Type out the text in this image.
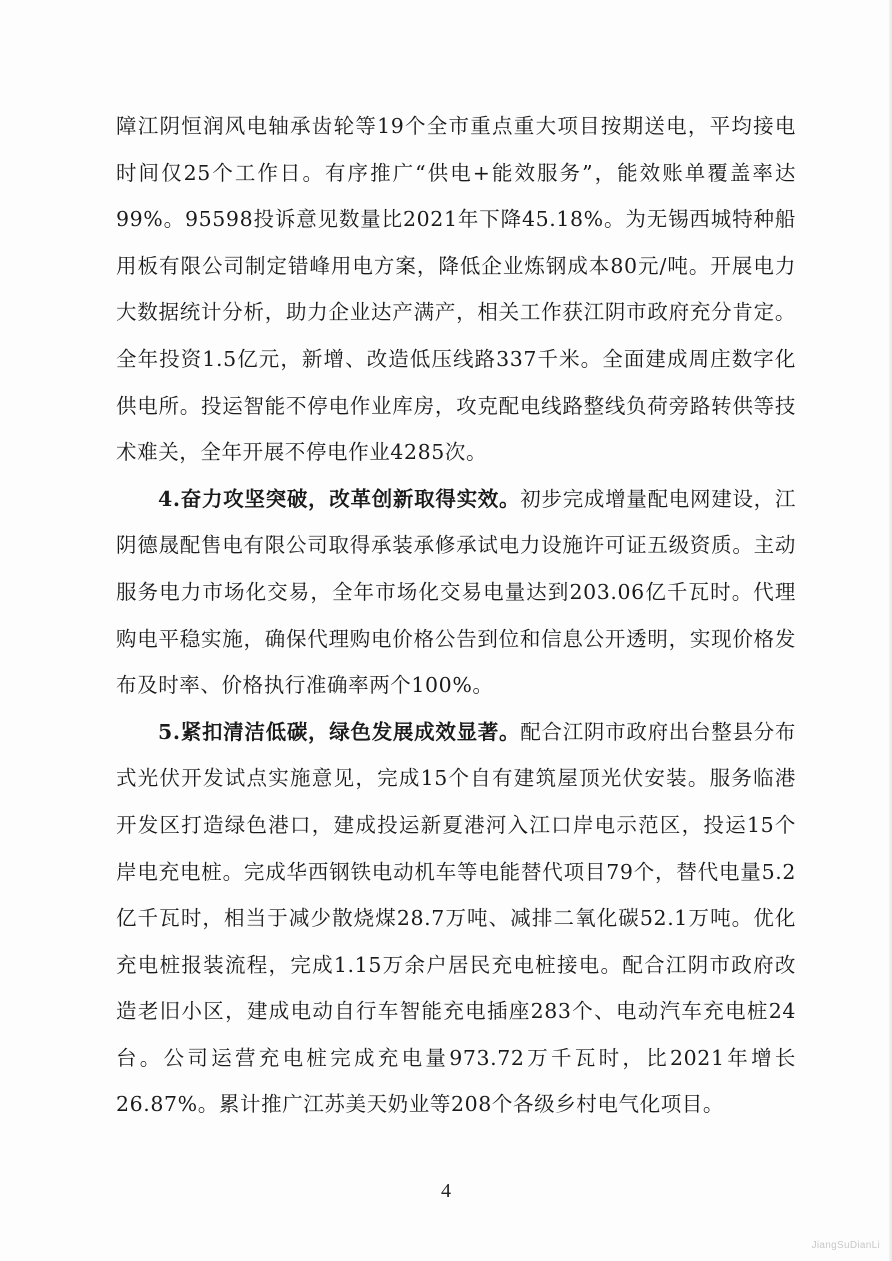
障江阴恒润风电轴承齿轮等19个全市重点重大项目按期送电，平均接电时间仅25个工作日。有序推广“供电+能效服务”，能效账单覆盖率达99%。95598投诉意见数量比2021年下降45.18%。为无锡西城特种船用板有限公司制定错峰用电方案，降低企业炼钢成本80元/吨。开展电力大数据统计分析，助力企业达产满产，相关工作获江阴市政府充分肯定。全年投资1.5亿元，新增、改造低压线路337千米。全面建成周庄数字化供电所。投运智能不停电作业库房，攻克配电线路整线负荷旁路转供等技术难关，全年开展不停电作业4285次。

4.奋力攻坚突破，改革创新取得实效。初步完成增量配电网建设，江阴德晟配售电有限公司取得承装承修承试电力设施许可证五级资质。主动服务电力市场化交易，全年市场化交易电量达到203.06亿千瓦时。代理购电平稳实施，确保代理购电价格公告到位和信息公开透明，实现价格发布及时率、价格执行准确率两个100%。

5.紧扣清洁低碳，绿色发展成效显著。配合江阴市政府出台整县分布式光伏开发试点实施意见，完成15个自有建筑屋顶光伏安装。服务临港开发区打造绿色港口，建成投运新夏港河入江口岸电示范区，投运15个岸电充电桩。完成华西钢铁电动机车等电能替代项目79个，替代电量5.2亿千瓦时，相当于减少散烧煤28.7万吨、减排二氧化碳52.1万吨。优化充电桩报装流程，完成1.15万余户居民充电桩接电。配合江阴市政府改造老旧小区，建成电动自行车智能充电插座283个、电动汽车充电桩24台。公司运营充电桩完成充电量973.72万千瓦时，比2021年增长26.87%。累计推广江苏美天奶业等208个各级乡村电气化项目。

4
JiangSuDianLi
